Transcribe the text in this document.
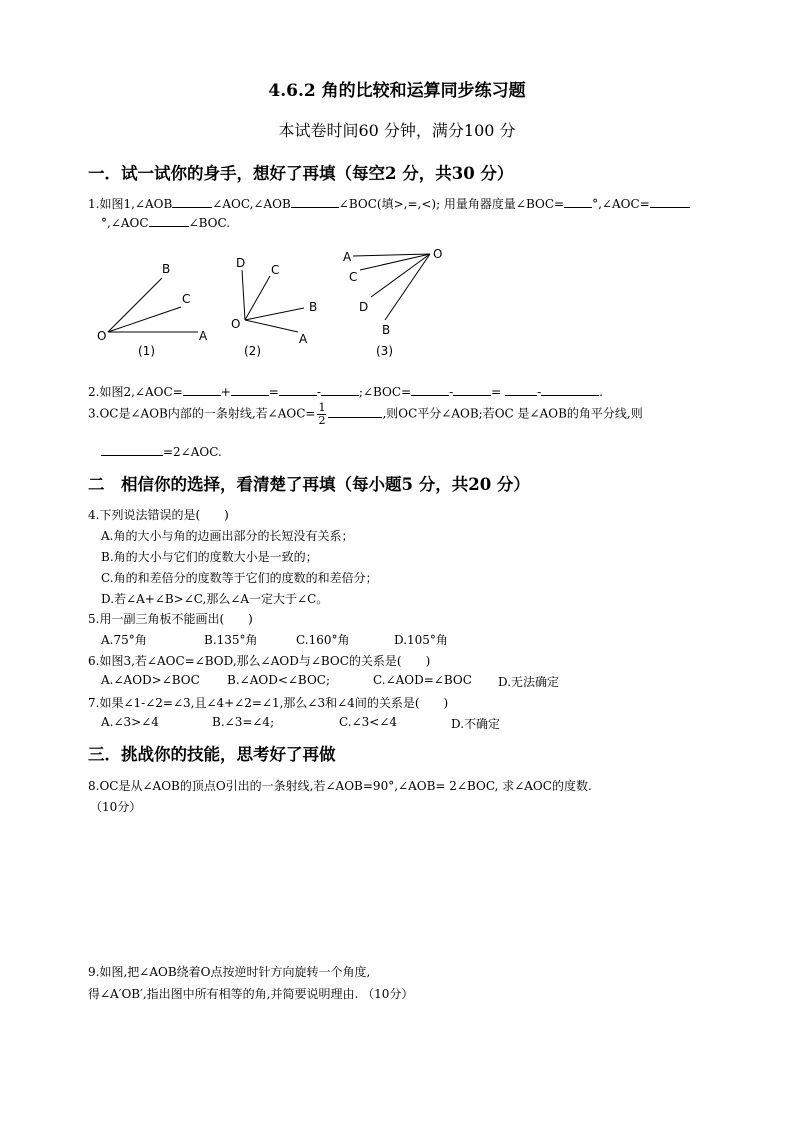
4.6.2 角的比较和运算同步练习题
本试卷时间60 分钟，满分100 分
一．试一试你的身手，想好了再填（每空2 分，共30 分）
1.如图1,∠AOB	∠AOC,∠AOB	∠BOC(填>,=,<); 用量角器度量∠BOC= °,∠AOC=
°,∠AOC	∠BOC.
B
C
O	A
(1)
D C
B
O
A
(2)
A	O
C
D
B
(3)
2.如图2,∠AOC=	+	=	-	;∠BOC=	-	=	-	.
3.OC是∠AOB内部的一条射线,若∠AOC= $\frac{1}{2}$	,则OC平分∠AOB;若OC 是∠AOB的角平分线,则
=2∠AOC.
二　相信你的选择，看清楚了再填（每小题5 分，共20 分）
4.下列说法错误的是(　　)
A.角的大小与角的边画出部分的长短没有关系；
B.角的大小与它们的度数大小是一致的；
C.角的和差倍分的度数等于它们的度数的和差倍分；
D.若∠A+∠B>∠C,那么∠A一定大于∠C。
5.用一副三角板不能画出(　　)
A.75°角	B.135°角	C.160°角	D.105°角
6.如图3,若∠AOC=∠BOD,那么∠AOD与∠BOC的关系是(　　)
A.∠AOD>∠BOC B.∠AOD<∠BOC;	C.∠AOD=∠BOC D.无法确定
7.如果∠1-∠2=∠3,且∠4+∠2=∠1,那么∠3和∠4间的关系是(　　)
A.∠3>∠4	B.∠3=∠4;	C.∠3<∠4	D.不确定
三．挑战你的技能，思考好了再做
8.OC是从∠AOB的顶点O引出的一条射线,若∠AOB=90°,∠AOB= 2∠BOC, 求∠AOC的度数.
（10分）
9.如图,把∠AOB绕着O点按逆时针方向旋转一个角度,
得∠A′OB′,指出图中所有相等的角,并简要说明理由. （10分）
